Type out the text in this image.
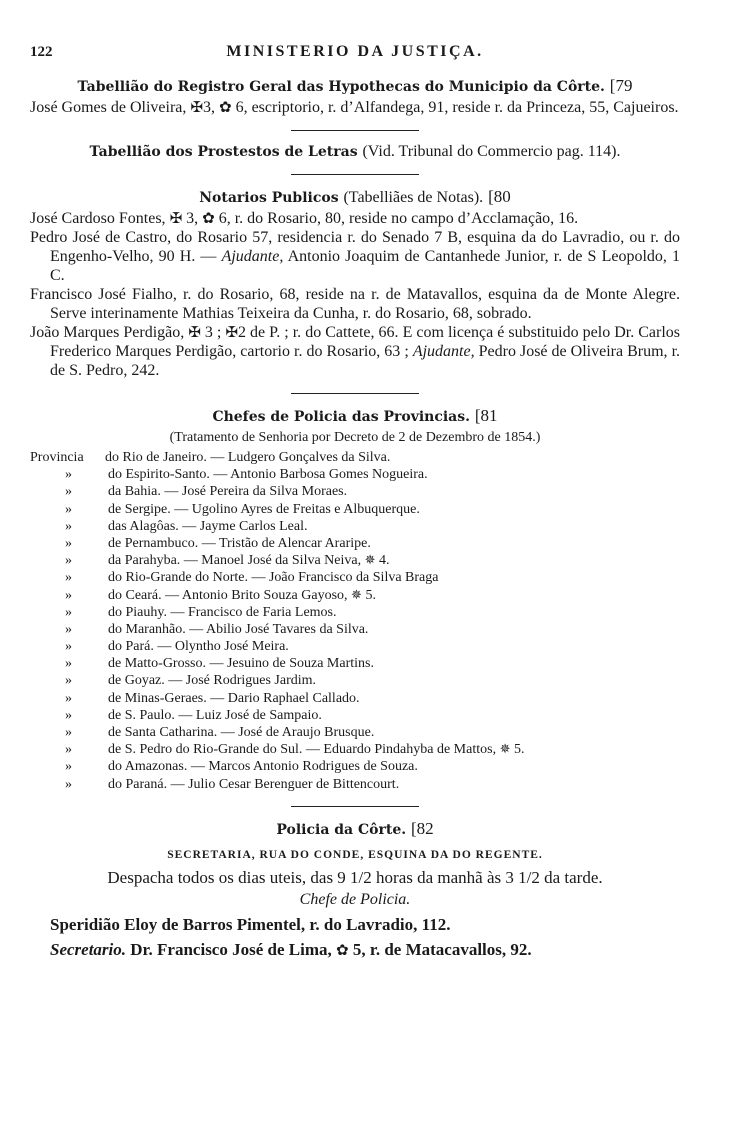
122	MINISTERIO DA JUSTIÇA.
Tabellião do Registro Geral das Hypothecas do Municipio da Côrte. [79

José Gomes de Oliveira, ✠3, ✿ 6, escriptorio, r. d’Alfandega, 91, reside r. da Princeza, 55, Cajueiros.

Tabellião dos Prostestos de Letras (Vid. Tribunal do Commercio pag. 114).
Notarios Publicos (Tabelliães de Notas). [80

José Cardoso Fontes, ✠ 3, ✿ 6, r. do Rosario, 80, reside no campo d’Acclamação, 16.

Pedro José de Castro, do Rosario 57, residencia r. do Senado 7 B, esquina da do Lavradio, ou r. do Engenho-Velho, 90 H. — Ajudante, Antonio Joaquim de Cantanhede Junior, r. de S Leopoldo, 1 C.

Francisco José Fialho, r. do Rosario, 68, reside na r. de Matavallos, esquina da de Monte Alegre. Serve interinamente Mathias Teixeira da Cunha, r. do Rosario, 68, sobrado.

João Marques Perdigão, ✠ 3 ; ✠2 de P. ; r. do Cattete, 66. E com licença é substituido pelo Dr. Carlos Frederico Marques Perdigão, cartorio r. do Rosario, 63 ; Ajudante, Pedro José de Oliveira Brum, r. de S. Pedro, 242.

Chefes de Policia das Provincias. [81
(Tratamento de Senhoria por Decreto de 2 de Dezembro de 1854.)
Provincia do Rio de Janeiro. — Ludgero Gonçalves da Silva.
»	do Espirito-Santo. — Antonio Barbosa Gomes Nogueira.
»	da Bahia. — José Pereira da Silva Moraes.
»	de Sergipe. — Ugolino Ayres de Freitas e Albuquerque.
»	das Alagôas. — Jayme Carlos Leal.
»	de Pernambuco. — Tristão de Alencar Araripe.
»	da Parahyba. — Manoel José da Silva Neiva, ✵ 4.
»	do Rio-Grande do Norte. — João Francisco da Silva Braga
»	do Ceará. — Antonio Brito Souza Gayoso, ✵ 5.
»	do Piauhy. — Francisco de Faria Lemos.
»	do Maranhão. — Abilio José Tavares da Silva.
»	do Pará. — Olyntho José Meira.
»	de Matto-Grosso. — Jesuino de Souza Martins.
»	de Goyaz. — José Rodrigues Jardim.
»	de Minas-Geraes. — Dario Raphael Callado.
»	de S. Paulo. — Luiz José de Sampaio.
»	de Santa Catharina. — José de Araujo Brusque.
»	de S. Pedro do Rio-Grande do Sul. — Eduardo Pindahyba de Mattos, ✵ 5.
»	do Amazonas. — Marcos Antonio Rodrigues de Souza.
»	do Paraná. — Julio Cesar Berenguer de Bittencourt.
Policia da Côrte. [82
SECRETARIA, RUA DO CONDE, ESQUINA DA DO REGENTE.
Despacha todos os dias uteis, das 9 1/2 horas da manhã às 3 1/2 da tarde.
Chefe de Policia.
Speridião Eloy de Barros Pimentel, r. do Lavradio, 112.
Secretario. Dr. Francisco José de Lima, ✿ 5, r. de Matacavallos, 92.
